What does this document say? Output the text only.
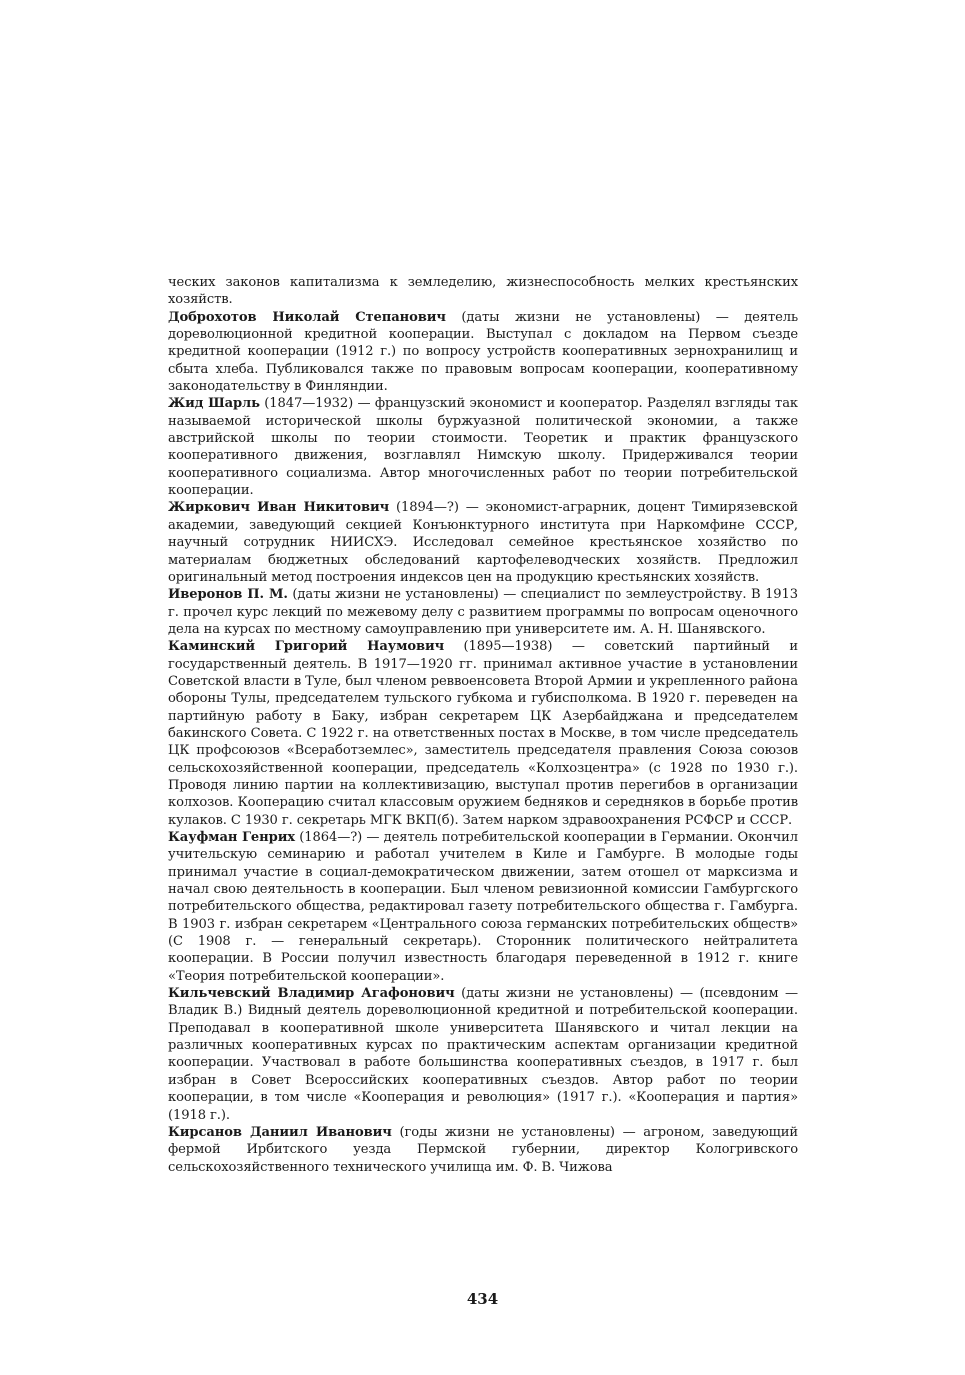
ческих законов капитализма к земледелию, жизнеспособность мелких крестьянских хозяйств.

Доброхотов Николай Степанович (даты жизни не установлены) — деятель дореволюционной кредитной кооперации. Выступал с докладом на Первом съезде кредитной кооперации (1912 г.) по вопросу устройств кооперативных зернохранилищ и сбыта хлеба. Публиковался также по правовым вопросам кооперации, кооперативному законодательству в Финляндии.

Жид Шарль (1847—1932) — французский экономист и кооператор. Разделял взгляды так называемой исторической школы буржуазной политической экономии, а также австрийской школы по теории стоимости. Теоретик и практик французского кооперативного движения, возглавлял Нимскую школу. Придерживался теории кооперативного социализма. Автор многочисленных работ по теории потребительской кооперации.

Жиркович Иван Никитович (1894—?) — экономист-аграрник, доцент Тимирязевской академии, заведующий секцией Конъюнктурного института при Наркомфине СССР, научный сотрудник НИИСХЭ. Исследовал семейное крестьянское хозяйство по материалам бюджетных обследований картофелеводческих хозяйств. Предложил оригинальный метод построения индексов цен на продукцию крестьянских хозяйств.

Иверонов П. М. (даты жизни не установлены) — специалист по землеустройству. В 1913 г. прочел курс лекций по межевому делу с развитием программы по вопросам оценочного дела на курсах по местному самоуправлению при университете им. А. Н. Шанявского.

Каминский Григорий Наумович (1895—1938) — советский партийный и государственный деятель. В 1917—1920 гг. принимал активное участие в установлении Советской власти в Туле, был членом реввоенсовета Второй Армии и укрепленного района обороны Тулы, председателем тульского губкома и губисполкома. В 1920 г. переведен на партийную работу в Баку, избран секретарем ЦК Азербайджана и председателем бакинского Совета. С 1922 г. на ответственных постах в Москве, в том числе председатель ЦК профсоюзов «Всеработземлес», заместитель председателя правления Союза союзов сельскохозяйственной кооперации, председатель «Колхозцентра» (с 1928 по 1930 г.). Проводя линию партии на коллективизацию, выступал против перегибов в организации колхозов. Кооперацию считал классовым оружием бедняков и середняков в борьбе против кулаков. С 1930 г. секретарь МГК ВКП(б). Затем нарком здравоохранения РСФСР и СССР.

Кауфман Генрих (1864—?) — деятель потребительской кооперации в Германии. Окончил учительскую семинарию и работал учителем в Киле и Гамбурге. В молодые годы принимал участие в социал-демократическом движении, затем отошел от марксизма и начал свою деятельность в кооперации. Был членом ревизионной комиссии Гамбургского потребительского общества, редактировал газету потребительского общества г. Гамбурга. В 1903 г. избран секретарем «Центрального союза германских потребительских обществ» (С 1908 г. — генеральный секретарь). Сторонник политического нейтралитета кооперации. В России получил известность благодаря переведенной в 1912 г. книге «Теория потребительской кооперации».

Кильчевский Владимир Агафонович (даты жизни не установлены) — (псевдоним — Владик В.) Видный деятель дореволюционной кредитной и потребительской кооперации. Преподавал в кооперативной школе университета Шанявского и читал лекции на различных кооперативных курсах по практическим аспектам организации кредитной кооперации. Участвовал в работе большинства кооперативных съездов, в 1917 г. был избран в Совет Всероссийских кооперативных съездов. Автор работ по теории кооперации, в том числе «Кооперация и революция» (1917 г.). «Кооперация и партия» (1918 г.).

Кирсанов Даниил Иванович (годы жизни не установлены) — агроном, заведующий фермой Ирбитского уезда Пермской губернии, директор Кологривского сельскохозяйственного технического училища им. Ф. В. Чижова

434
